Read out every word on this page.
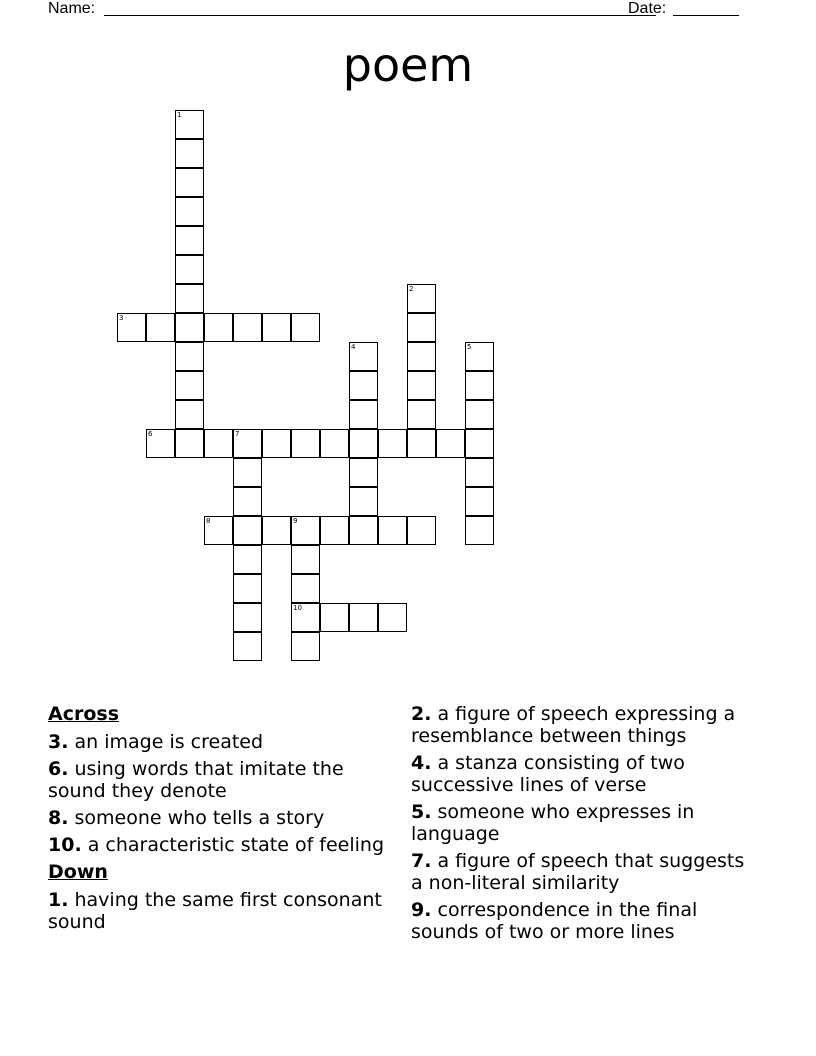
Name:	Date:
poem
1
2
3
4	5
6	7
8	9
10
Across
3. an image is created
6. using words that imitate the sound they denote
8. someone who tells a story
10. a characteristic state of feeling
Down
1. having the same first consonant sound
2. a figure of speech expressing a resemblance between things
4. a stanza consisting of two successive lines of verse
5. someone who expresses in language
7. a figure of speech that suggests a non-literal similarity
9. correspondence in the final sounds of two or more lines
